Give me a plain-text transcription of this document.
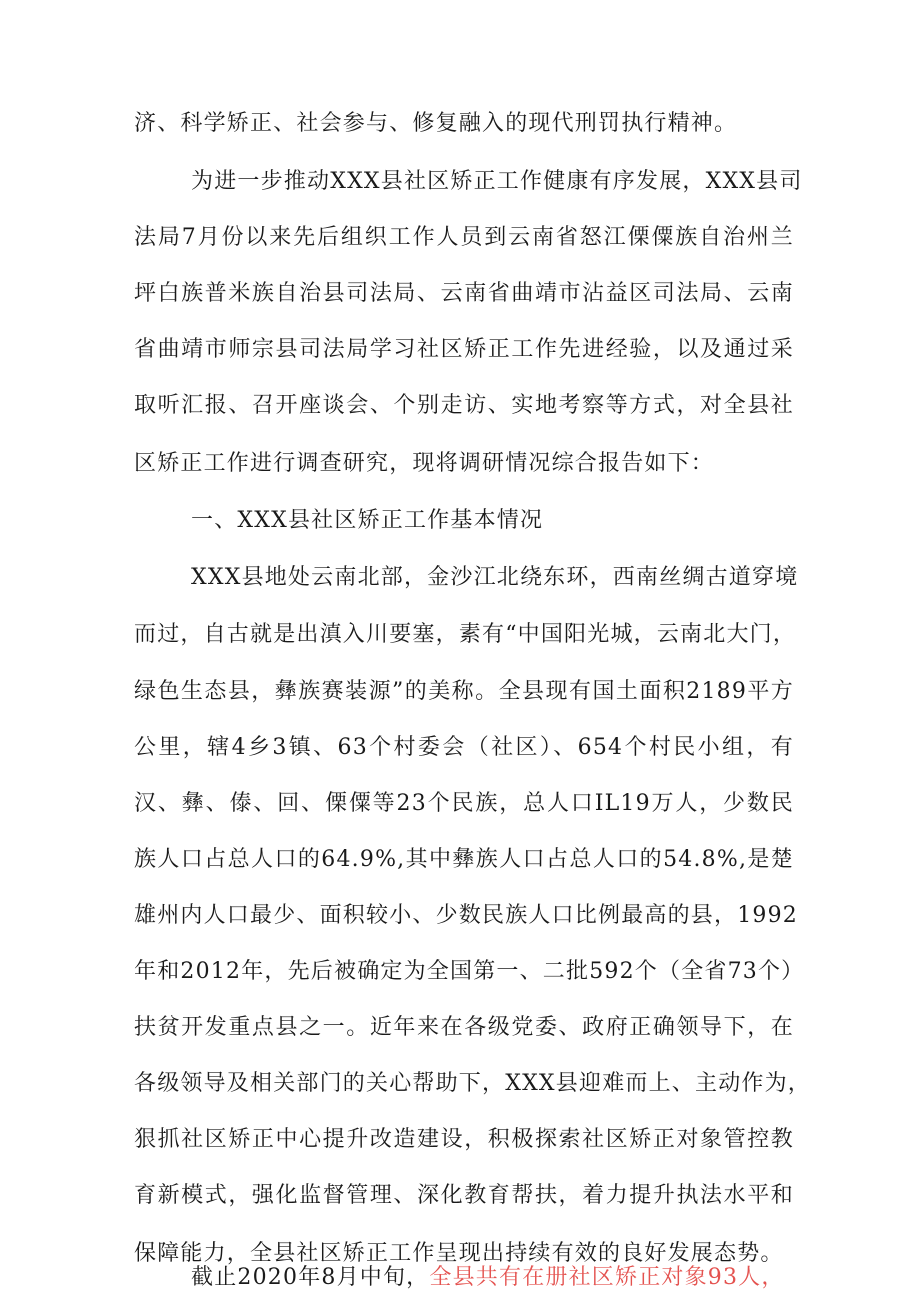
济、科学矫正、社会参与、修复融入的现代刑罚执行精神。
为进一步推动XXX县社区矫正工作健康有序发展，XXX县司
法局7月份以来先后组织工作人员到云南省怒江傈僳族自治州兰
坪白族普米族自治县司法局、云南省曲靖市沾益区司法局、云南
省曲靖市师宗县司法局学习社区矫正工作先进经验，以及通过采
取听汇报、召开座谈会、个别走访、实地考察等方式，对全县社
区矫正工作进行调查研究，现将调研情况综合报告如下：
一、XXX县社区矫正工作基本情况
XXX县地处云南北部，金沙江北绕东环，西南丝绸古道穿境
而过，自古就是出滇入川要塞，素有“中国阳光城，云南北大门，
绿色生态县，彝族赛装源”的美称。全县现有国土面积2189平方
公里，辖4乡3镇、63个村委会（社区）、654个村民小组，有
汉、彝、傣、回、傈僳等23个民族，总人口IL19万人，少数民
族人口占总人口的64.9%,其中彝族人口占总人口的54.8%,是楚
雄州内人口最少、面积较小、少数民族人口比例最高的县，1992
年和2012年，先后被确定为全国第一、二批592个（全省73个）
扶贫开发重点县之一。近年来在各级党委、政府正确领导下，在
各级领导及相关部门的关心帮助下，XXX县迎难而上、主动作为，
狠抓社区矫正中心提升改造建设，积极探索社区矫正对象管控教
育新模式，强化监督管理、深化教育帮扶，着力提升执法水平和
保障能力，全县社区矫正工作呈现出持续有效的良好发展态势。
截止2020年8月中旬，全县共有在册社区矫正对象93人，
